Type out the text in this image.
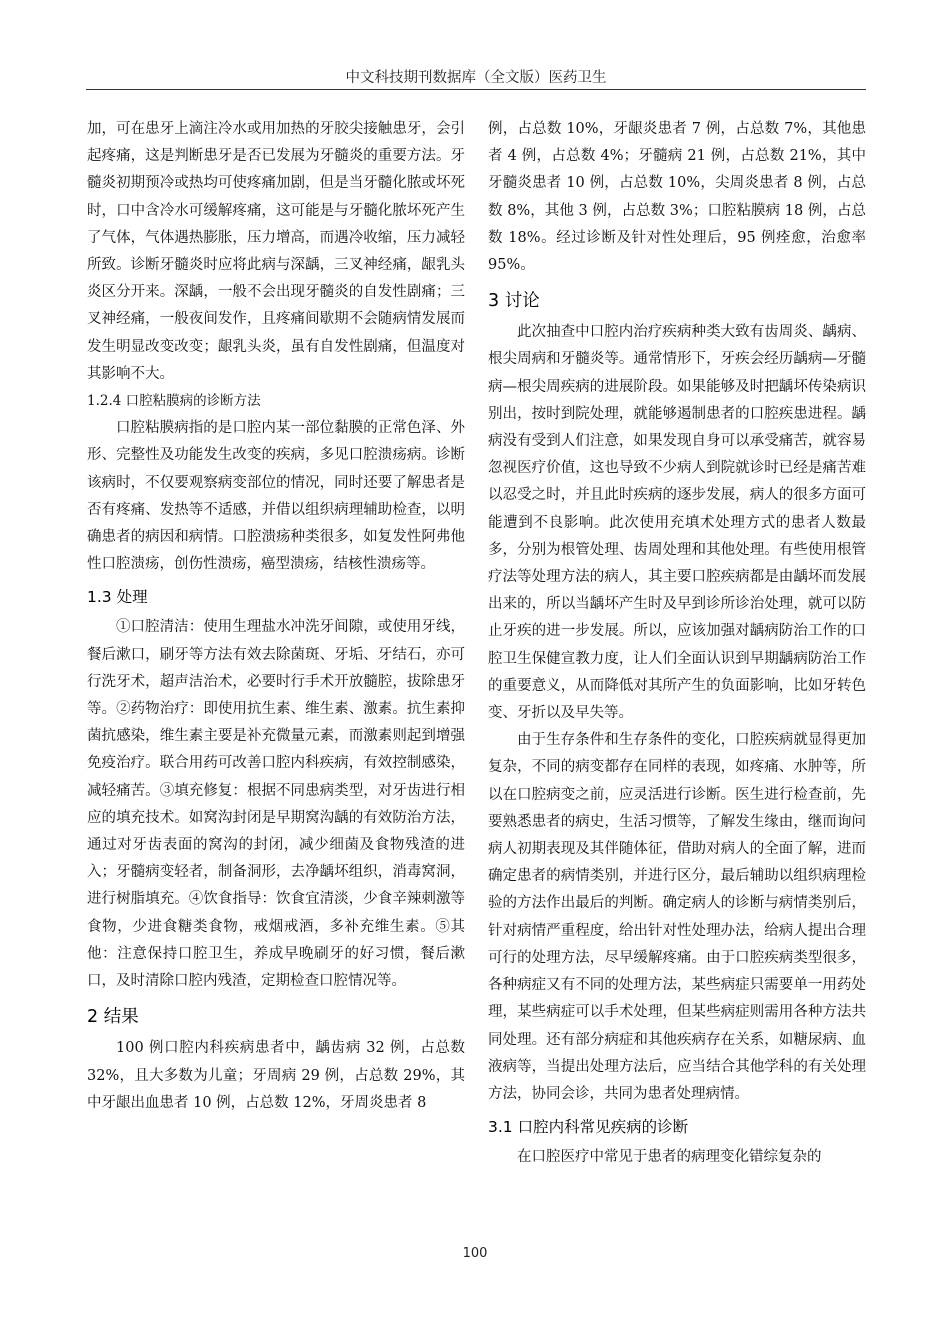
中文科技期刊数据库（全文版）医药卫生

加，可在患牙上滴注冷水或用加热的牙胶尖接触患牙，会引起疼痛，这是判断患牙是否已发展为牙髓炎的重要方法。牙髓炎初期预冷或热均可使疼痛加剧，但是当牙髓化脓或坏死时，口中含冷水可缓解疼痛，这可能是与牙髓化脓坏死产生了气体，气体遇热膨胀，压力增高，而遇冷收缩，压力减轻所致。诊断牙髓炎时应将此病与深龋，三叉神经痛，龈乳头炎区分开来。深龋，一般不会出现牙髓炎的自发性剧痛；三叉神经痛，一般夜间发作，且疼痛间歇期不会随病情发展而发生明显改变改变；龈乳头炎，虽有自发性剧痛，但温度对其影响不大。

1.2.4 口腔粘膜病的诊断方法

口腔粘膜病指的是口腔内某一部位黏膜的正常色泽、外形、完整性及功能发生改变的疾病，多见口腔溃疡病。诊断该病时，不仅要观察病变部位的情况，同时还要了解患者是否有疼痛、发热等不适感，并借以组织病理辅助检查，以明确患者的病因和病情。口腔溃疡种类很多，如复发性阿弗他性口腔溃疡，创伤性溃疡，癌型溃疡，结核性溃疡等。

1.3 处理

①口腔清洁：使用生理盐水冲洗牙间隙，或使用牙线，餐后漱口，刷牙等方法有效去除菌斑、牙垢、牙结石，亦可行洗牙术，超声洁治术，必要时行手术开放髓腔，拔除患牙等。②药物治疗：即使用抗生素、维生素、激素。抗生素抑菌抗感染，维生素主要是补充微量元素，而激素则起到增强免疫治疗。联合用药可改善口腔内科疾病，有效控制感染，减轻痛苦。③填充修复：根据不同患病类型，对牙齿进行相应的填充技术。如窝沟封闭是早期窝沟龋的有效防治方法，通过对牙齿表面的窝沟的封闭，减少细菌及食物残渣的进入；牙髓病变轻者，制备洞形，去净龋坏组织，消毒窝洞，进行树脂填充。④饮食指导：饮食宜清淡，少食辛辣刺激等食物，少进食糖类食物，戒烟戒酒，多补充维生素。⑤其他：注意保持口腔卫生，养成早晚刷牙的好习惯，餐后漱口，及时清除口腔内残渣，定期检查口腔情况等。

2 结果

100 例口腔内科疾病患者中，龋齿病 32 例，占总数 32%，且大多数为儿童；牙周病 29 例，占总数 29%，其中牙龈出血患者 10 例，占总数 12%，牙周炎患者 8

例，占总数 10%，牙龈炎患者 7 例，占总数 7%，其他患者 4 例，占总数 4%；牙髓病 21 例，占总数 21%，其中牙髓炎患者 10 例，占总数 10%，尖周炎患者 8 例，占总数 8%，其他 3 例，占总数 3%；口腔粘膜病 18 例，占总数 18%。经过诊断及针对性处理后，95 例痊愈，治愈率 95%。

3 讨论

此次抽查中口腔内治疗疾病种类大致有齿周炎、龋病、根尖周病和牙髓炎等。通常情形下，牙疾会经历龋病—牙髓病—根尖周疾病的进展阶段。如果能够及时把龋坏传染病识别出，按时到院处理，就能够遏制患者的口腔疾患进程。龋病没有受到人们注意，如果发现自身可以承受痛苦，就容易忽视医疗价值，这也导致不少病人到院就诊时已经是痛苦难以忍受之时，并且此时疾病的逐步发展，病人的很多方面可能遭到不良影响。此次使用充填术处理方式的患者人数最多，分别为根管处理、齿周处理和其他处理。有些使用根管疗法等处理方法的病人，其主要口腔疾病都是由龋坏而发展出来的，所以当龋坏产生时及早到诊所诊治处理，就可以防止牙疾的进一步发展。所以，应该加强对龋病防治工作的口腔卫生保健宣教力度，让人们全面认识到早期龋病防治工作的重要意义，从而降低对其所产生的负面影响，比如牙转色变、牙折以及早失等。

由于生存条件和生存条件的变化，口腔疾病就显得更加复杂，不同的病变都存在同样的表现，如疼痛、水肿等，所以在口腔病变之前，应灵活进行诊断。医生进行检查前，先要熟悉患者的病史，生活习惯等，了解发生缘由，继而询问病人初期表现及其伴随体征，借助对病人的全面了解，进而确定患者的病情类别，并进行区分，最后辅助以组织病理检验的方法作出最后的判断。确定病人的诊断与病情类别后，针对病情严重程度，给出针对性处理办法，给病人提出合理可行的处理方法，尽早缓解疼痛。由于口腔疾病类型很多，各种病症又有不同的处理方法，某些病症只需要单一用药处理，某些病症可以手术处理，但某些病症则需用各种方法共同处理。还有部分病症和其他疾病存在关系，如糖尿病、血液病等，当提出处理方法后，应当结合其他学科的有关处理方法，协同会诊，共同为患者处理病情。

3.1 口腔内科常见疾病的诊断

在口腔医疗中常见于患者的病理变化错综复杂的

100
